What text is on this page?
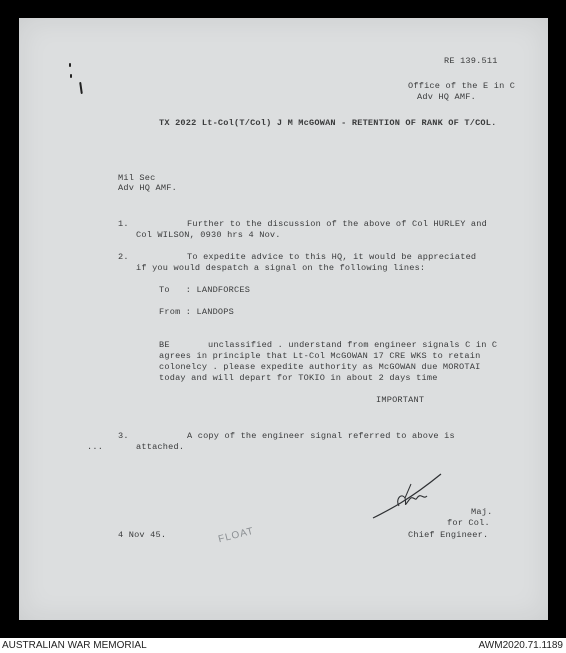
RE 139.511
Office of the E in C
Adv HQ AMF.
TX 2022 Lt-Col(T/Col) J M McGOWAN - RETENTION OF RANK OF T/COL.
Mil Sec
Adv HQ AMF.
1.	Further to the discussion of the above of Col HURLEY and
Col WILSON, 0930 hrs 4 Nov.
2.	To expedite advice to this HQ, it would be appreciated
if you would despatch a signal on the following lines:
To   : LANDFORCES
From : LANDOPS
BE	unclassified . understand from engineer signals C in C
agrees in principle that Lt-Col McGOWAN 17 CRE WKS to retain
colonelcy . please expedite authority as McGOWAN due MOROTAI
today and will depart for TOKIO in about 2 days time
IMPORTANT
3.	A copy of the engineer signal referred to above is
...	attached.
Maj.
for Col.
Chief Engineer.
4 Nov 45.	FLOAT
AUSTRALIAN WAR MEMORIAL	AWM2020.71.1189
